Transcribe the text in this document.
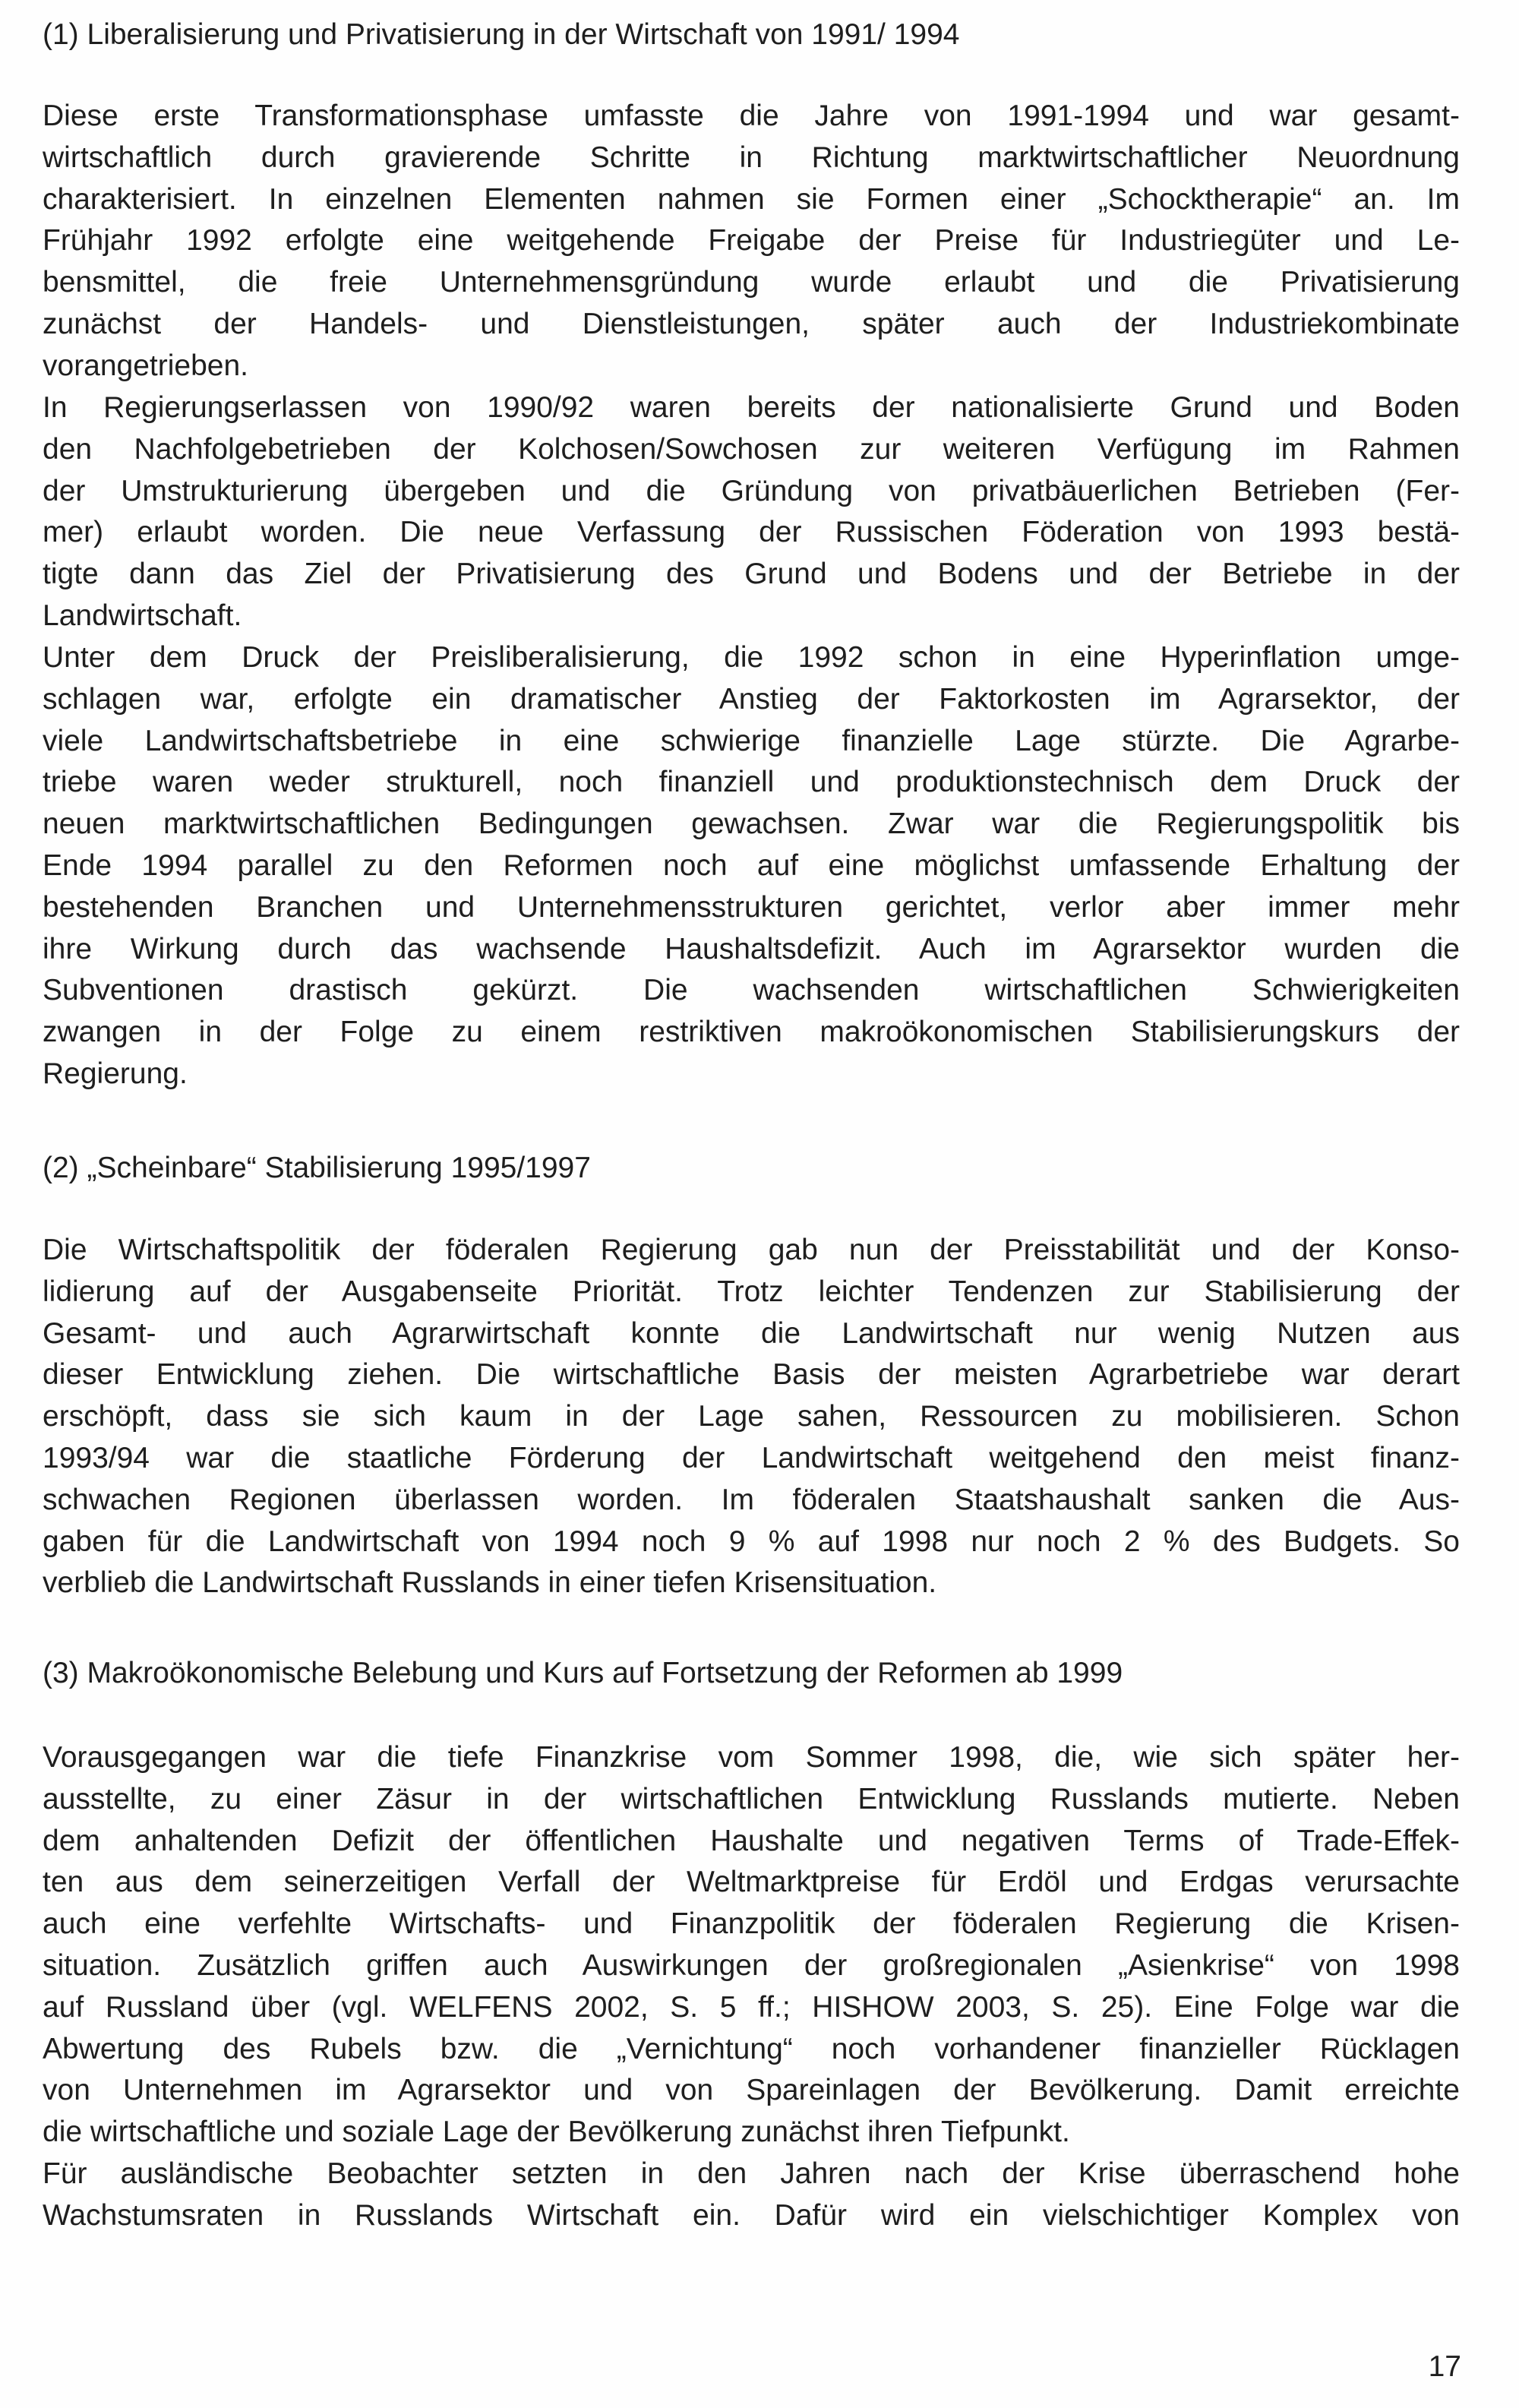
(1) Liberalisierung und Privatisierung in der Wirtschaft von 1991/ 1994
Diese erste Transformationsphase umfasste die Jahre von 1991-1994 und war gesamt-
wirtschaftlich durch gravierende Schritte in Richtung marktwirtschaftlicher Neuordnung
charakterisiert. In einzelnen Elementen nahmen sie Formen einer „Schocktherapie“ an. Im
Frühjahr 1992 erfolgte eine weitgehende Freigabe der Preise für Industriegüter und Le-
bensmittel, die freie Unternehmensgründung wurde erlaubt und die Privatisierung
zunächst der Handels- und Dienstleistungen, später auch der Industriekombinate
vorangetrieben.
In Regierungserlassen von 1990/92 waren bereits der nationalisierte Grund und Boden
den Nachfolgebetrieben der Kolchosen/Sowchosen zur weiteren Verfügung im Rahmen
der Umstrukturierung übergeben und die Gründung von privatbäuerlichen Betrieben (Fer-
mer) erlaubt worden. Die neue Verfassung der Russischen Föderation von 1993 bestä-
tigte dann das Ziel der Privatisierung des Grund und Bodens und der Betriebe in der
Landwirtschaft.
Unter dem Druck der Preisliberalisierung, die 1992 schon in eine Hyperinflation umge-
schlagen war, erfolgte ein dramatischer Anstieg der Faktorkosten im Agrarsektor, der
viele Landwirtschaftsbetriebe in eine schwierige finanzielle Lage stürzte. Die Agrarbe-
triebe waren weder strukturell, noch finanziell und produktionstechnisch dem Druck der
neuen marktwirtschaftlichen Bedingungen gewachsen. Zwar war die Regierungspolitik bis
Ende 1994 parallel zu den Reformen noch auf eine möglichst umfassende Erhaltung der
bestehenden Branchen und Unternehmensstrukturen gerichtet, verlor aber immer mehr
ihre Wirkung durch das wachsende Haushaltsdefizit. Auch im Agrarsektor wurden die
Subventionen drastisch gekürzt. Die wachsenden wirtschaftlichen Schwierigkeiten
zwangen in der Folge zu einem restriktiven makroökonomischen Stabilisierungskurs der
Regierung.
(2) „Scheinbare“ Stabilisierung 1995/1997
Die Wirtschaftspolitik der föderalen Regierung gab nun der Preisstabilität und der Konso-
lidierung auf der Ausgabenseite Priorität. Trotz leichter Tendenzen zur Stabilisierung der
Gesamt- und auch Agrarwirtschaft konnte die Landwirtschaft nur wenig Nutzen aus
dieser Entwicklung ziehen. Die wirtschaftliche Basis der meisten Agrarbetriebe war derart
erschöpft, dass sie sich kaum in der Lage sahen, Ressourcen zu mobilisieren. Schon
1993/94 war die staatliche Förderung der Landwirtschaft weitgehend den meist finanz-
schwachen Regionen überlassen worden. Im föderalen Staatshaushalt sanken die Aus-
gaben für die Landwirtschaft von 1994 noch 9 % auf 1998 nur noch 2 % des Budgets. So
verblieb die Landwirtschaft Russlands in einer tiefen Krisensituation.
(3) Makroökonomische Belebung und Kurs auf Fortsetzung der Reformen ab 1999
Vorausgegangen war die tiefe Finanzkrise vom Sommer 1998, die, wie sich später her-
ausstellte, zu einer Zäsur in der wirtschaftlichen Entwicklung Russlands mutierte. Neben
dem anhaltenden Defizit der öffentlichen Haushalte und negativen Terms of Trade-Effek-
ten aus dem seinerzeitigen Verfall der Weltmarktpreise für Erdöl und Erdgas verursachte
auch eine verfehlte Wirtschafts- und Finanzpolitik der föderalen Regierung die Krisen-
situation. Zusätzlich griffen auch Auswirkungen der großregionalen „Asienkrise“ von 1998
auf Russland über (vgl. WELFENS 2002, S. 5 ff.; HISHOW 2003, S. 25). Eine Folge war die
Abwertung des Rubels bzw. die „Vernichtung“ noch vorhandener finanzieller Rücklagen
von Unternehmen im Agrarsektor und von Spareinlagen der Bevölkerung. Damit erreichte
die wirtschaftliche und soziale Lage der Bevölkerung zunächst ihren Tiefpunkt.
Für ausländische Beobachter setzten in den Jahren nach der Krise überraschend hohe
Wachstumsraten in Russlands Wirtschaft ein. Dafür wird ein vielschichtiger Komplex von
17
